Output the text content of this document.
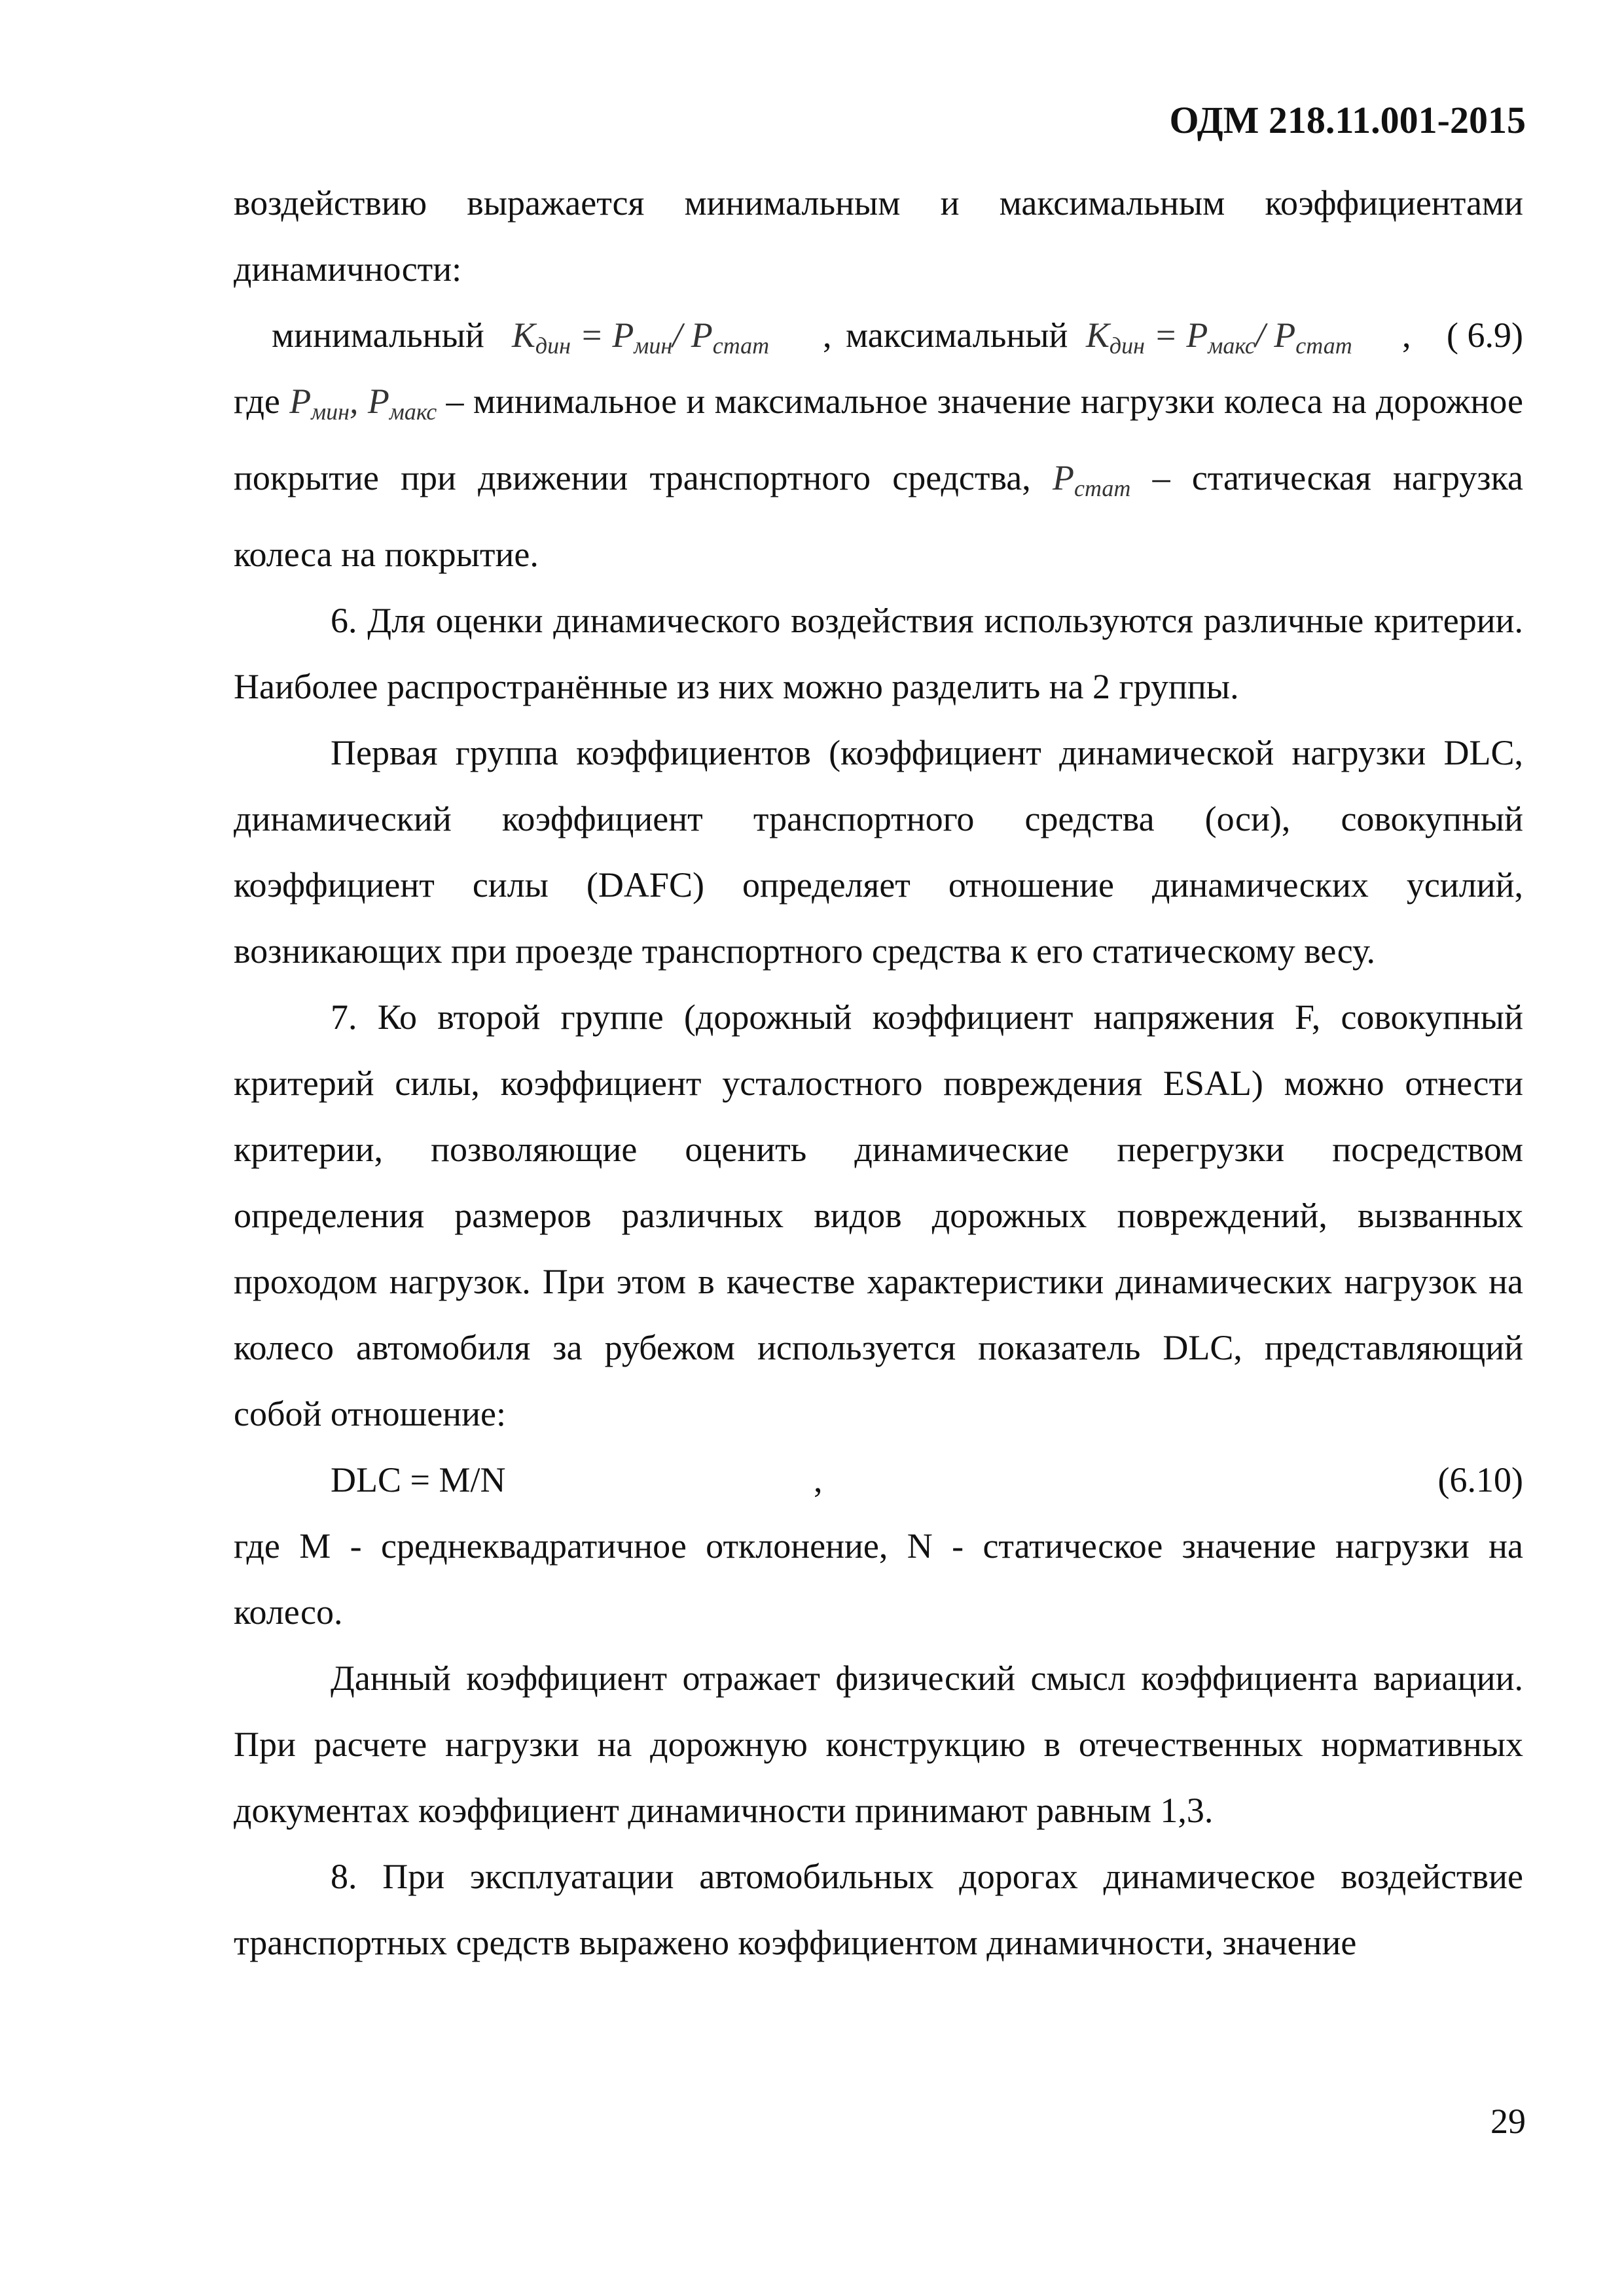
ОДМ 218.11.001-2015

воздействию выражается минимальным и максимальным коэффициентами динамичности:

минимальный $К_{дин} = Р_{мин}/$ $Р_{стат}$ , максимальный $К_{дин} = Р_{макс}/$ $Р_{стат}$ , ( 6.9)

где $Р_{мин}$, $Р_{макс}$ – минимальное и максимальное значение нагрузки колеса на дорожное покрытие при движении транспортного средства, $Р_{стат}$ – статическая нагрузка колеса на покрытие.

6. Для оценки динамического воздействия используются различные критерии. Наиболее распространённые из них можно разделить на 2 группы.

Первая группа коэффициентов (коэффициент динамической нагрузки DLC, динамический коэффициент транспортного средства (оси), совокупный коэффициент силы (DAFC) определяет отношение динамических усилий, возникающих при проезде транспортного средства к его статическому весу.

7. Ко второй группе (дорожный коэффициент напряжения F, совокупный критерий силы, коэффициент усталостного повреждения ESAL) можно отнести критерии, позволяющие оценить динамические перегрузки посредством определения размеров различных видов дорожных повреждений, вызванных проходом нагрузок. При этом в качестве характеристики динамических нагрузок на колесо автомобиля за рубежом используется показатель DLC, представляющий собой отношение:

DLC = M/N	,	(6.10)

где М - среднеквадратичное отклонение, N - статическое значение нагрузки на колесо.

Данный коэффициент отражает физический смысл коэффициента вариации. При расчете нагрузки на дорожную конструкцию в отечественных нормативных документах коэффициент динамичности принимают равным 1,3.

8. При эксплуатации автомобильных дорогах динамическое воздействие транспортных средств выражено коэффициентом динамичности, значение

29
